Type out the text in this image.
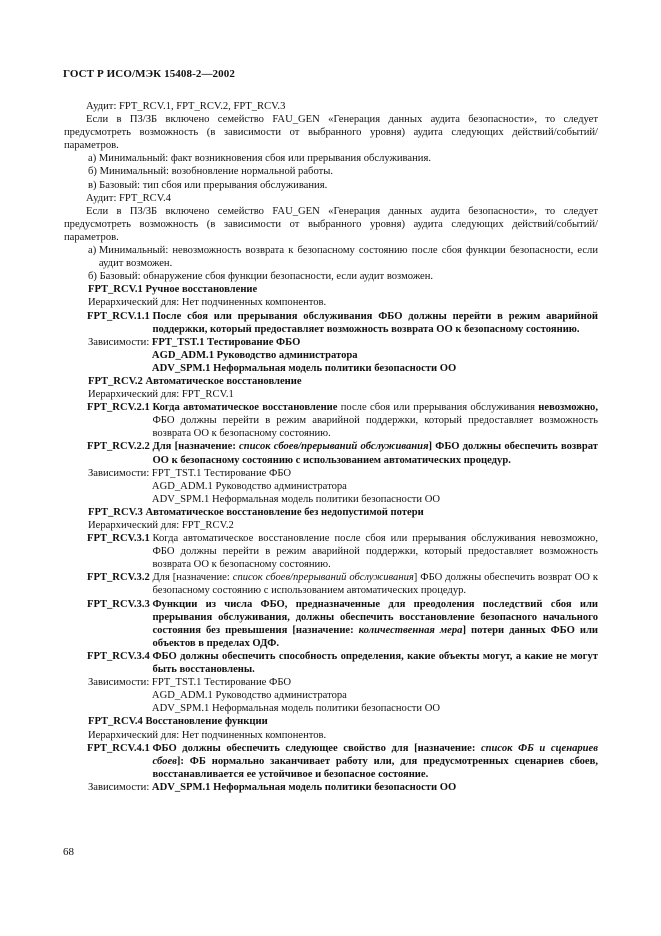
ГОСТ Р ИСО/МЭК 15408-2—2002
Аудит: FPT_RCV.1, FPT_RCV.2, FPT_RCV.3
Если в ПЗ/ЗБ включено семейство FAU_GEN «Генерация данных аудита безопасности», то следует предусмотреть возможность (в зависимости от выбранного уровня) аудита следующих действий/событий/параметров.
а) Минимальный: факт возникновения сбоя или прерывания обслуживания.
б) Минимальный: возобновление нормальной работы.
в) Базовый: тип сбоя или прерывания обслуживания.
Аудит: FPT_RCV.4
Если в ПЗ/ЗБ включено семейство FAU_GEN «Генерация данных аудита безопасности», то следует предусмотреть возможность (в зависимости от выбранного уровня) аудита следующих действий/событий/параметров.
а) Минимальный: невозможность возврата к безопасному состоянию после сбоя функции безопасности, если аудит возможен.
б) Базовый: обнаружение сбоя функции безопасности, если аудит возможен.
FPT_RCV.1 Ручное восстановление
Иерархический для: Нет подчиненных компонентов.
FPT_RCV.1.1 После сбоя или прерывания обслуживания ФБО должны перейти в режим аварийной поддержки, который предоставляет возможность возврата ОО к безопасному состоянию.
Зависимости: FPT_TST.1 Тестирование ФБО
AGD_ADM.1 Руководство администратора
ADV_SPM.1 Неформальная модель политики безопасности ОО
FPT_RCV.2 Автоматическое восстановление
Иерархический для: FPT_RCV.1
FPT_RCV.2.1 Когда автоматическое восстановление после сбоя или прерывания обслуживания невозможно, ФБО должны перейти в режим аварийной поддержки, который предоставляет возможность возврата ОО к безопасному состоянию.
FPT_RCV.2.2 Для [назначение: список сбоев/прерываний обслуживания] ФБО должны обеспечить возврат ОО к безопасному состоянию с использованием автоматических процедур.
Зависимости: FPT_TST.1 Тестирование ФБО
AGD_ADM.1 Руководство администратора
ADV_SPM.1 Неформальная модель политики безопасности ОО
FPT_RCV.3 Автоматическое восстановление без недопустимой потери
Иерархический для: FPT_RCV.2
FPT_RCV.3.1 Когда автоматическое восстановление после сбоя или прерывания обслуживания невозможно, ФБО должны перейти в режим аварийной поддержки, который предоставляет возможность возврата ОО к безопасному состоянию.
FPT_RCV.3.2 Для [назначение: список сбоев/прерываний обслуживания] ФБО должны обеспечить возврат ОО к безопасному состоянию с использованием автоматических процедур.
FPT_RCV.3.3 Функции из числа ФБО, предназначенные для преодоления последствий сбоя или прерывания обслуживания, должны обеспечить восстановление безопасного начального состояния без превышения [назначение: количественная мера] потери данных ФБО или объектов в пределах ОДФ.
FPT_RCV.3.4 ФБО должны обеспечить способность определения, какие объекты могут, а какие не могут быть восстановлены.
Зависимости: FPT_TST.1 Тестирование ФБО
AGD_ADM.1 Руководство администратора
ADV_SPM.1 Неформальная модель политики безопасности ОО
FPT_RCV.4 Восстановление функции
Иерархический для: Нет подчиненных компонентов.
FPT_RCV.4.1 ФБО должны обеспечить следующее свойство для [назначение: список ФБ и сценариев сбоев]: ФБ нормально заканчивает работу или, для предусмотренных сценариев сбоев, восстанавливается ее устойчивое и безопасное состояние.
Зависимости: ADV_SPM.1 Неформальная модель политики безопасности ОО
68
